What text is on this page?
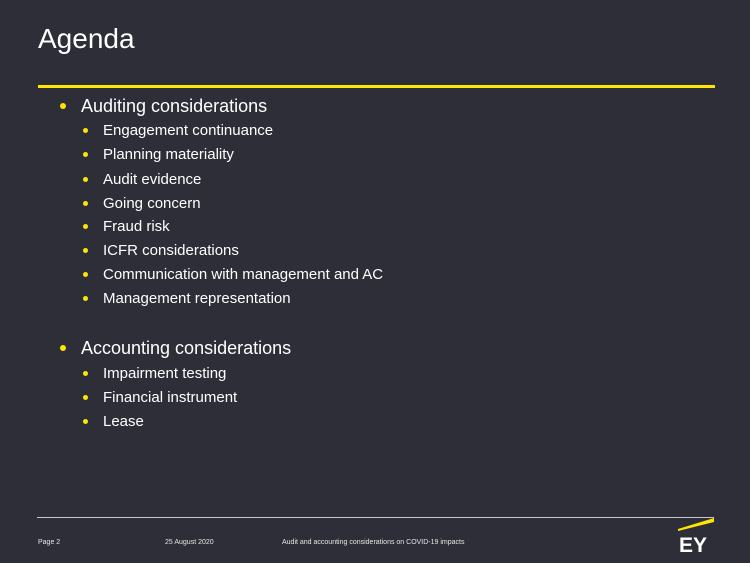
Agenda
Auditing considerations
Engagement continuance
Planning materiality
Audit evidence
Going concern
Fraud risk
ICFR considerations
Communication with management and AC
Management representation
Accounting considerations
Impairment testing
Financial instrument
Lease
Page 2	25 August 2020	Audit and accounting considerations on COVID-19 impacts	EY
